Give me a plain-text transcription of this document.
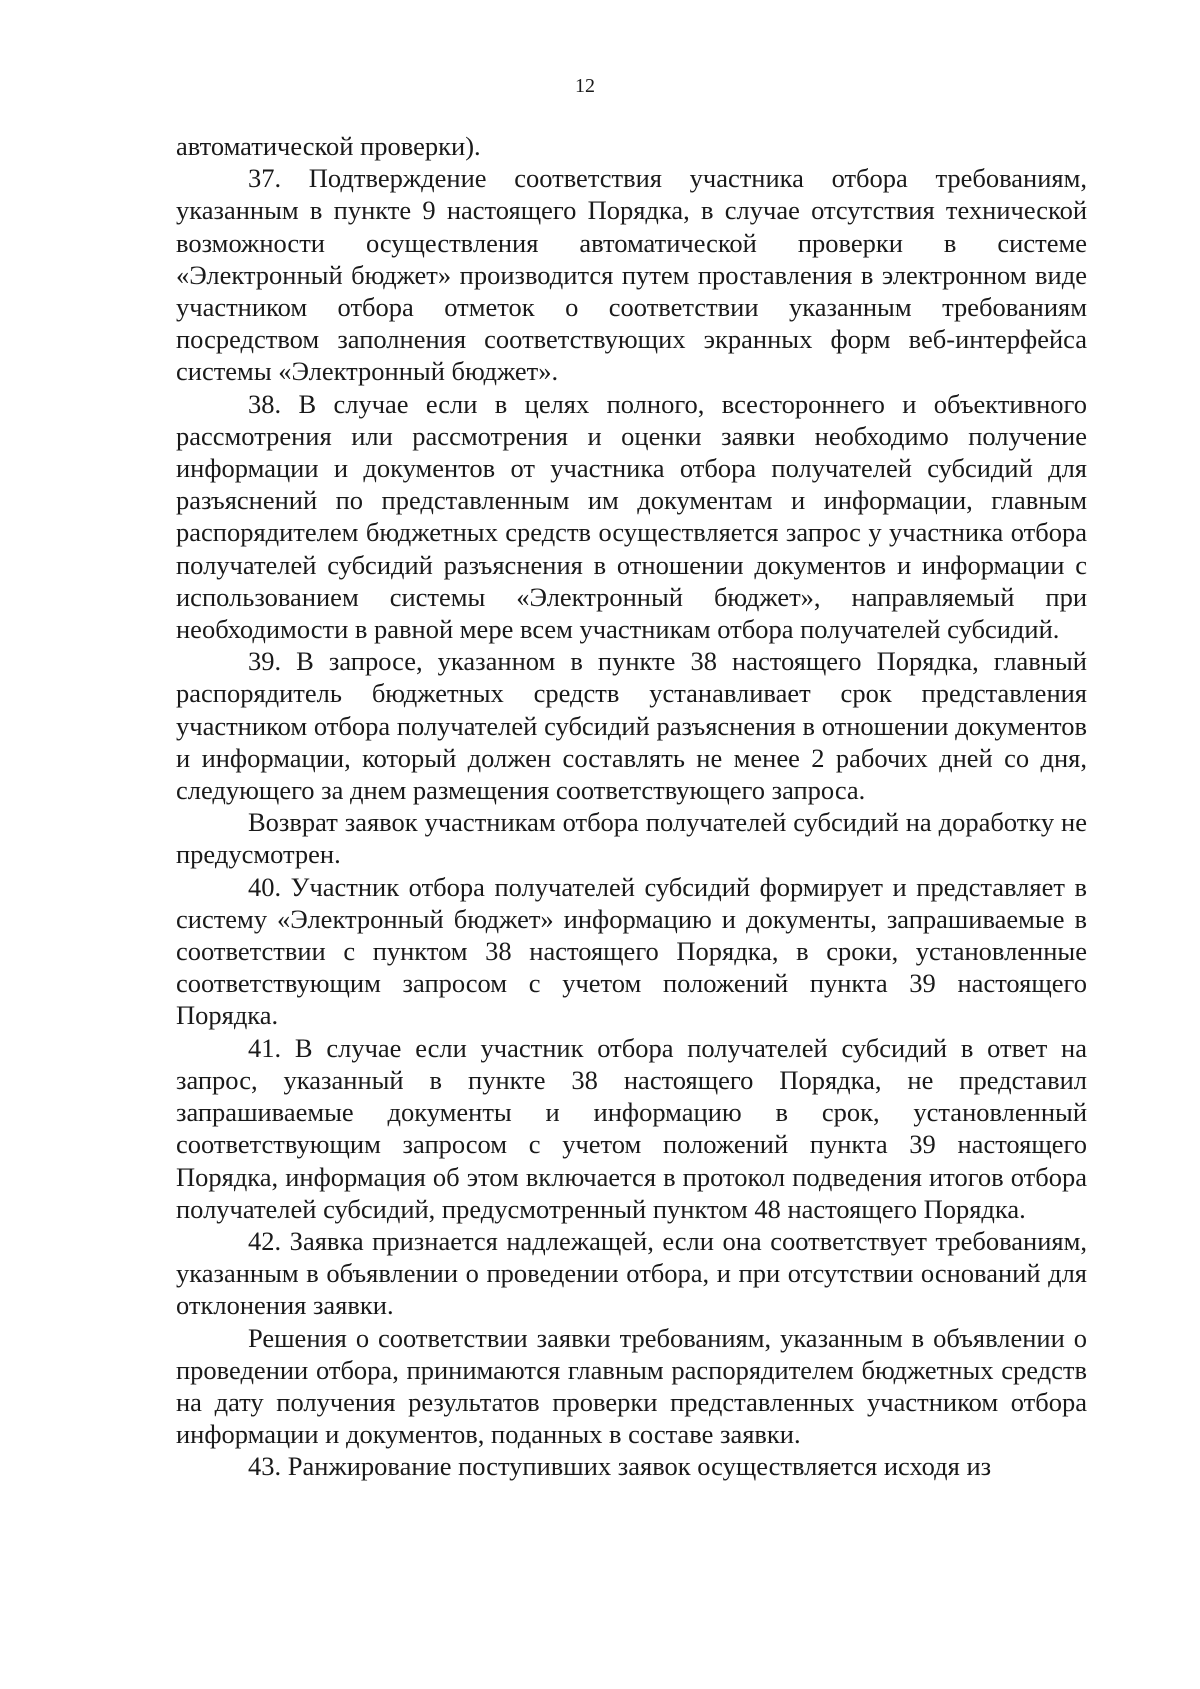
12

автоматической проверки).

37. Подтверждение соответствия участника отбора требованиям, указанным в пункте 9 настоящего Порядка, в случае отсутствия технической возможности осуществления автоматической проверки в системе «Электронный бюджет» производится путем проставления в электронном виде участником отбора отметок о соответствии указанным требованиям посредством заполнения соответствующих экранных форм веб-интерфейса системы «Электронный бюджет».

38. В случае если в целях полного, всестороннего и объективного рассмотрения или рассмотрения и оценки заявки необходимо получение информации и документов от участника отбора получателей субсидий для разъяснений по представленным им документам и информации, главным распорядителем бюджетных средств осуществляется запрос у участника отбора получателей субсидий разъяснения в отношении документов и информации с использованием системы «Электронный бюджет», направляемый при необходимости в равной мере всем участникам отбора получателей субсидий.

39. В запросе, указанном в пункте 38 настоящего Порядка, главный распорядитель бюджетных средств устанавливает срок представления участником отбора получателей субсидий разъяснения в отношении документов и информации, который должен составлять не менее 2 рабочих дней со дня, следующего за днем размещения соответствующего запроса.

Возврат заявок участникам отбора получателей субсидий на доработку не предусмотрен.

40. Участник отбора получателей субсидий формирует и представляет в систему «Электронный бюджет» информацию и документы, запрашиваемые в соответствии с пунктом 38 настоящего Порядка, в сроки, установленные соответствующим запросом с учетом положений пункта 39 настоящего Порядка.

41. В случае если участник отбора получателей субсидий в ответ на запрос, указанный в пункте 38 настоящего Порядка, не представил запрашиваемые документы и информацию в срок, установленный соответствующим запросом с учетом положений пункта 39 настоящего Порядка, информация об этом включается в протокол подведения итогов отбора получателей субсидий, предусмотренный пунктом 48 настоящего Порядка.

42. Заявка признается надлежащей, если она соответствует требованиям, указанным в объявлении о проведении отбора, и при отсутствии оснований для отклонения заявки.

Решения о соответствии заявки требованиям, указанным в объявлении о проведении отбора, принимаются главным распорядителем бюджетных средств на дату получения результатов проверки представленных участником отбора информации и документов, поданных в составе заявки.

43. Ранжирование поступивших заявок осуществляется исходя из
